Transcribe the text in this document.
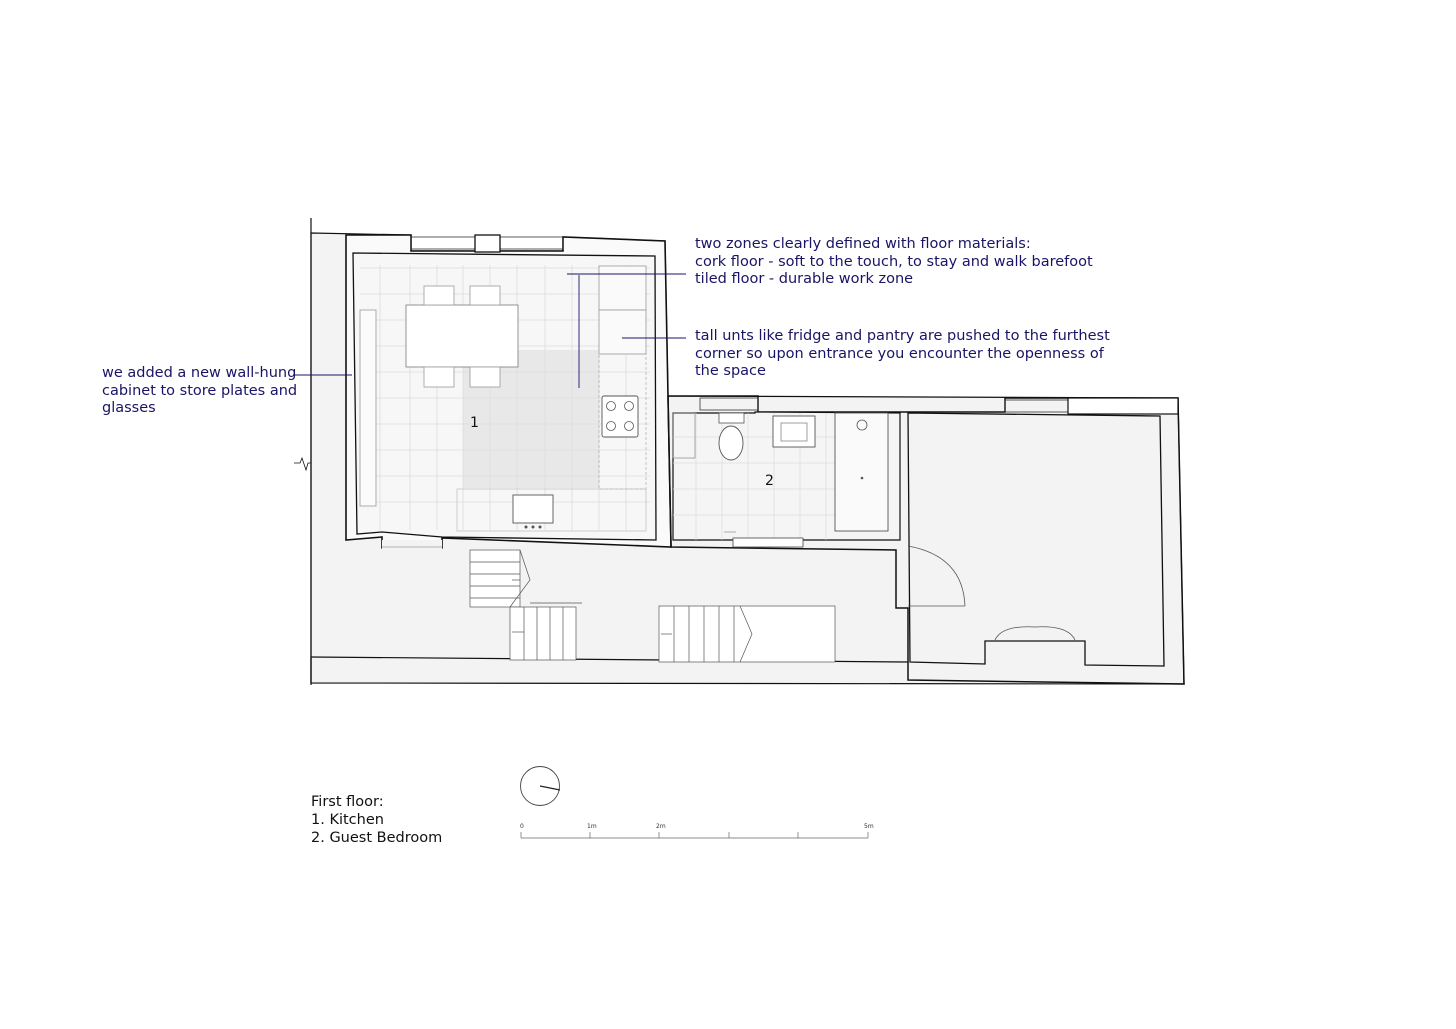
1
2
two zones clearly defined with floor materials:
cork floor - soft to the touch, to stay and walk barefoot
tiled floor - durable work zone
tall unts like fridge and pantry are pushed to the furthest
corner so upon entrance you encounter the openness of
the space
we added a new wall-hung
cabinet to store plates and
glasses
First floor:
1. Kitchen
2. Guest Bedroom
0	1m	2m	5m
